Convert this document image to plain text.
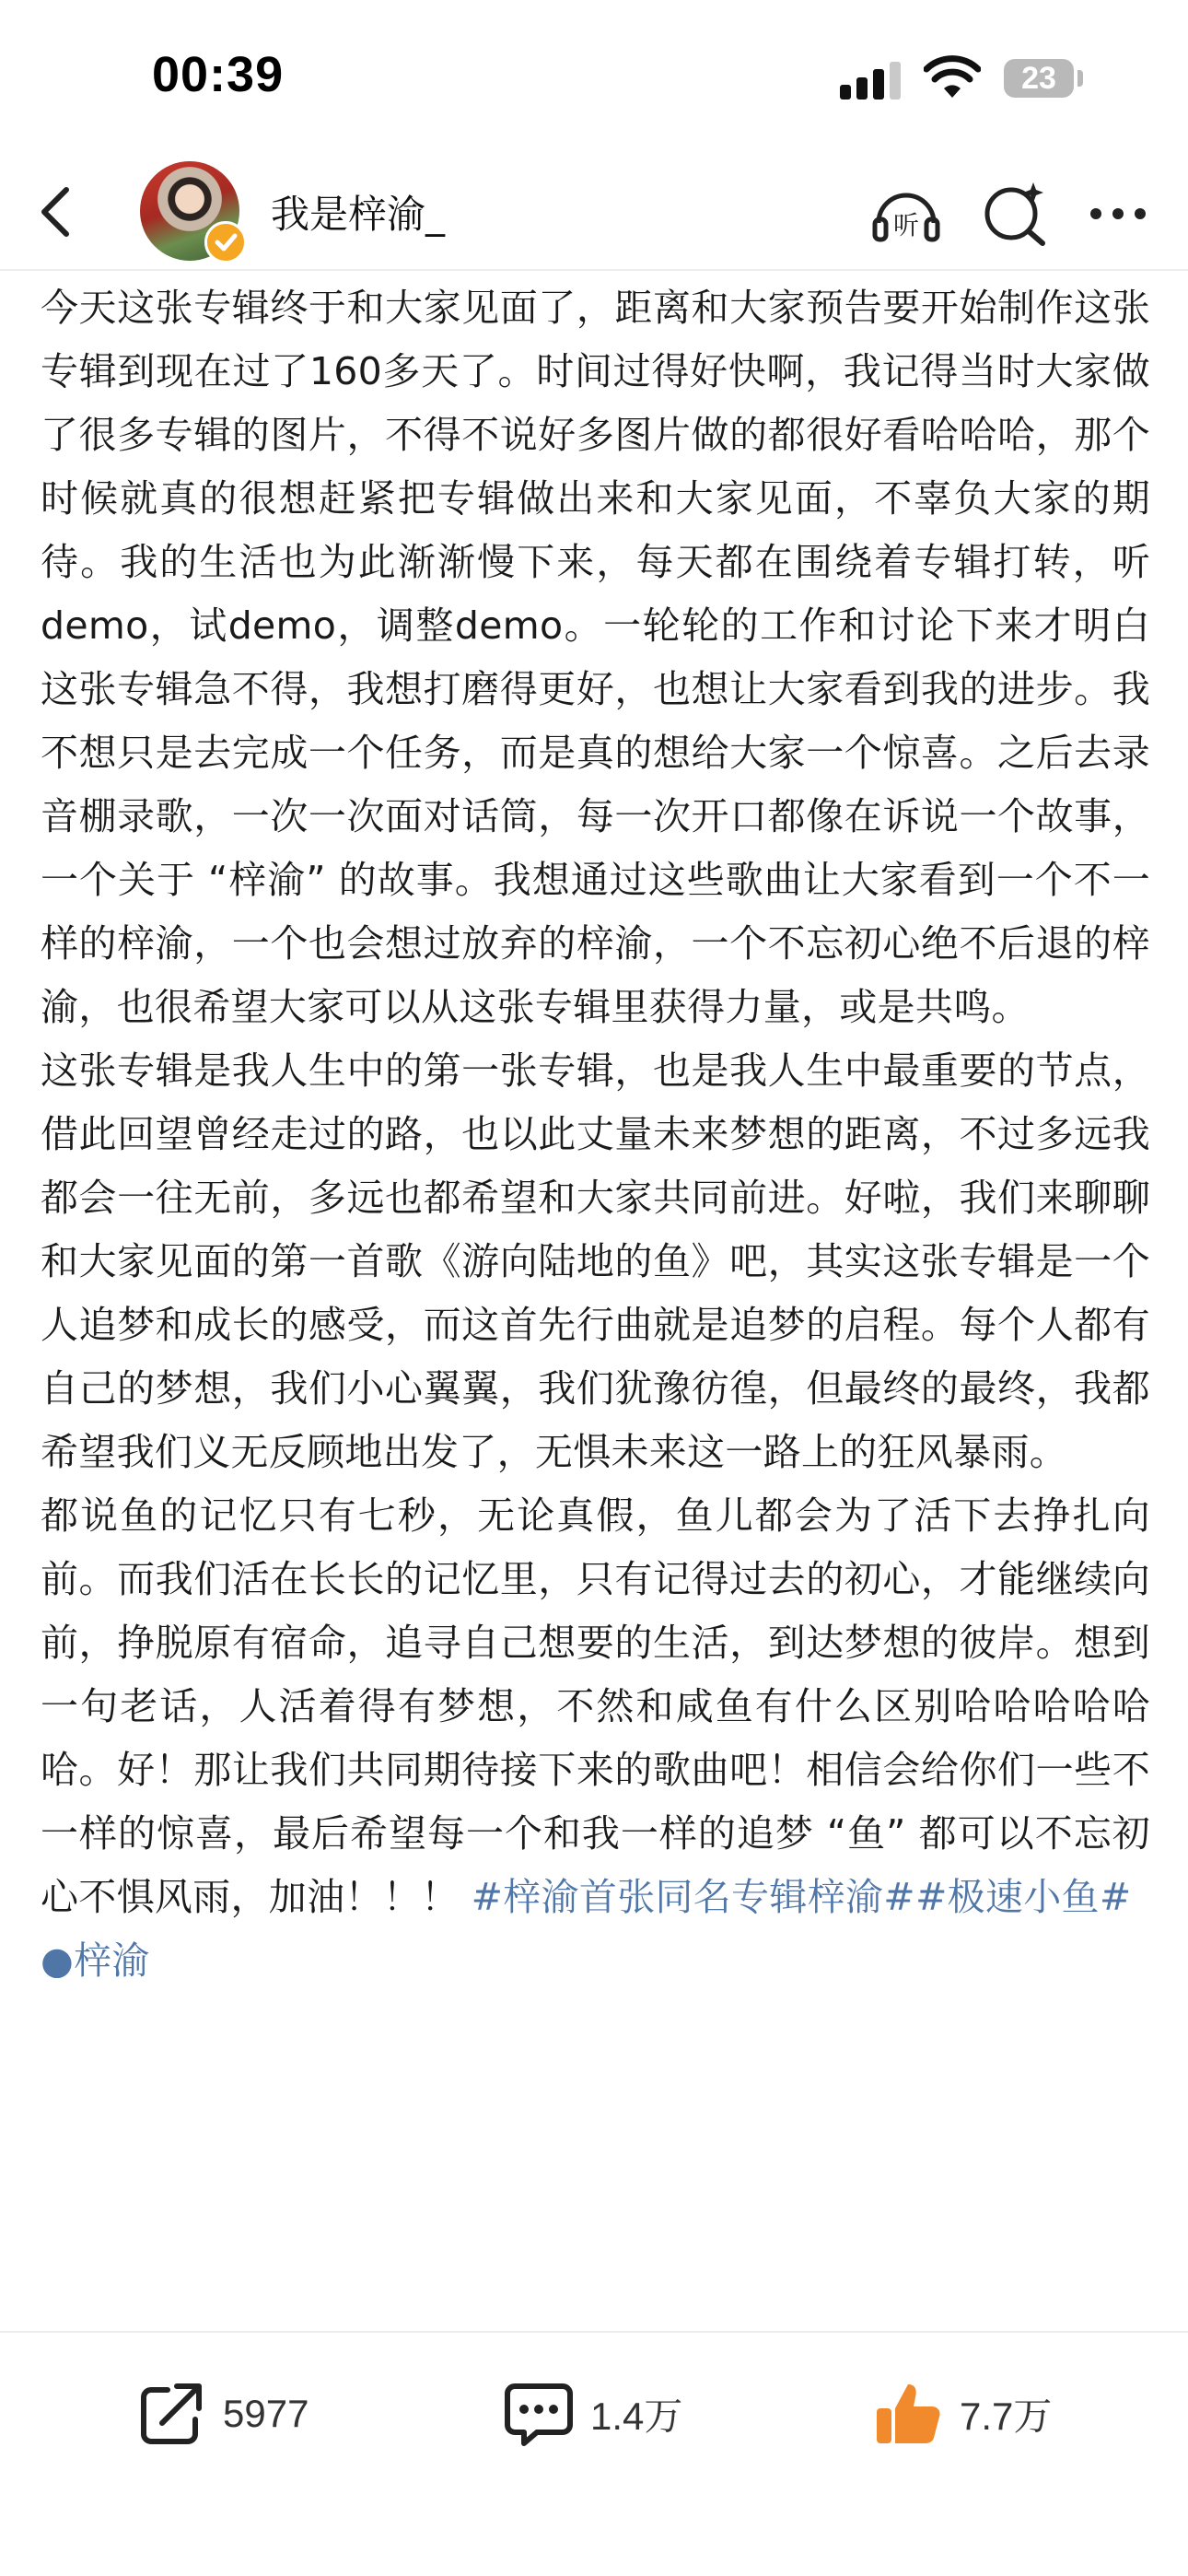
00:39	23
我是梓渝_	听

今天这张专辑终于和大家见面了，距离和大家预告要开始制作这张专辑到现在过了160多天了。时间过得好快啊，我记得当时大家做了很多专辑的图片，不得不说好多图片做的都很好看哈哈哈，那个时候就真的很想赶紧把专辑做出来和大家见面，不辜负大家的期待。我的生活也为此渐渐慢下来，每天都在围绕着专辑打转，听demo，试demo，调整demo。一轮轮的工作和讨论下来才明白这张专辑急不得，我想打磨得更好，也想让大家看到我的进步。我不想只是去完成一个任务，而是真的想给大家一个惊喜。之后去录音棚录歌，一次一次面对话筒，每一次开口都像在诉说一个故事，一个关于 “梓渝” 的故事。我想通过这些歌曲让大家看到一个不一样的梓渝，一个也会想过放弃的梓渝，一个不忘初心绝不后退的梓渝，也很希望大家可以从这张专辑里获得力量，或是共鸣。

这张专辑是我人生中的第一张专辑，也是我人生中最重要的节点，借此回望曾经走过的路，也以此丈量未来梦想的距离，不过多远我都会一往无前，多远也都希望和大家共同前进。好啦，我们来聊聊和大家见面的第一首歌《游向陆地的鱼》吧，其实这张专辑是一个人追梦和成长的感受，而这首先行曲就是追梦的启程。每个人都有自己的梦想，我们小心翼翼，我们犹豫彷徨，但最终的最终，我都希望我们义无反顾地出发了，无惧未来这一路上的狂风暴雨。

都说鱼的记忆只有七秒，无论真假，鱼儿都会为了活下去挣扎向前。而我们活在长长的记忆里，只有记得过去的初心，才能继续向前，挣脱原有宿命，追寻自己想要的生活，到达梦想的彼岸。想到一句老话，人活着得有梦想，不然和咸鱼有什么区别哈哈哈哈哈哈。好！那让我们共同期待接下来的歌曲吧！相信会给你们一些不一样的惊喜，最后希望每一个和我一样的追梦 “鱼” 都可以不忘初心不惧风雨，加油！！！ #梓渝首张同名专辑梓渝##极速小鱼#

●梓渝

5977	1.4万	7.7万
